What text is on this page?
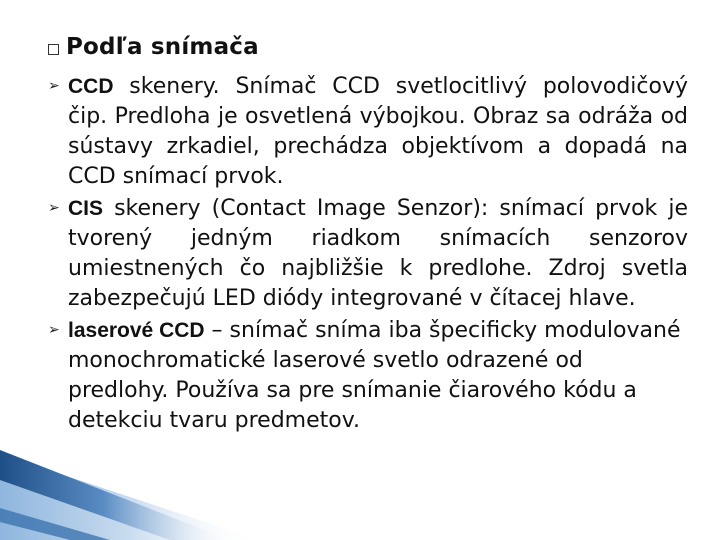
Podľa snímača
➢ CCD skenery. Snímač CCD svetlocitlivý polovodičový čip. Predloha je osvetlená výbojkou. Obraz sa odráža od sústavy zrkadiel, prechádza objektívom a dopadá na CCD snímací prvok.
➢ CIS skenery (Contact Image Senzor): snímací prvok je tvorený jedným riadkom snímacích senzorov umiestnených čo najbližšie k predlohe. Zdroj svetla zabezpečujú LED diódy integrované v čítacej hlave.
➢ laserové CCD – snímač sníma iba špecificky modulované monochromatické laserové svetlo odrazené od predlohy. Používa sa pre snímanie čiarového kódu a detekciu tvaru predmetov.
